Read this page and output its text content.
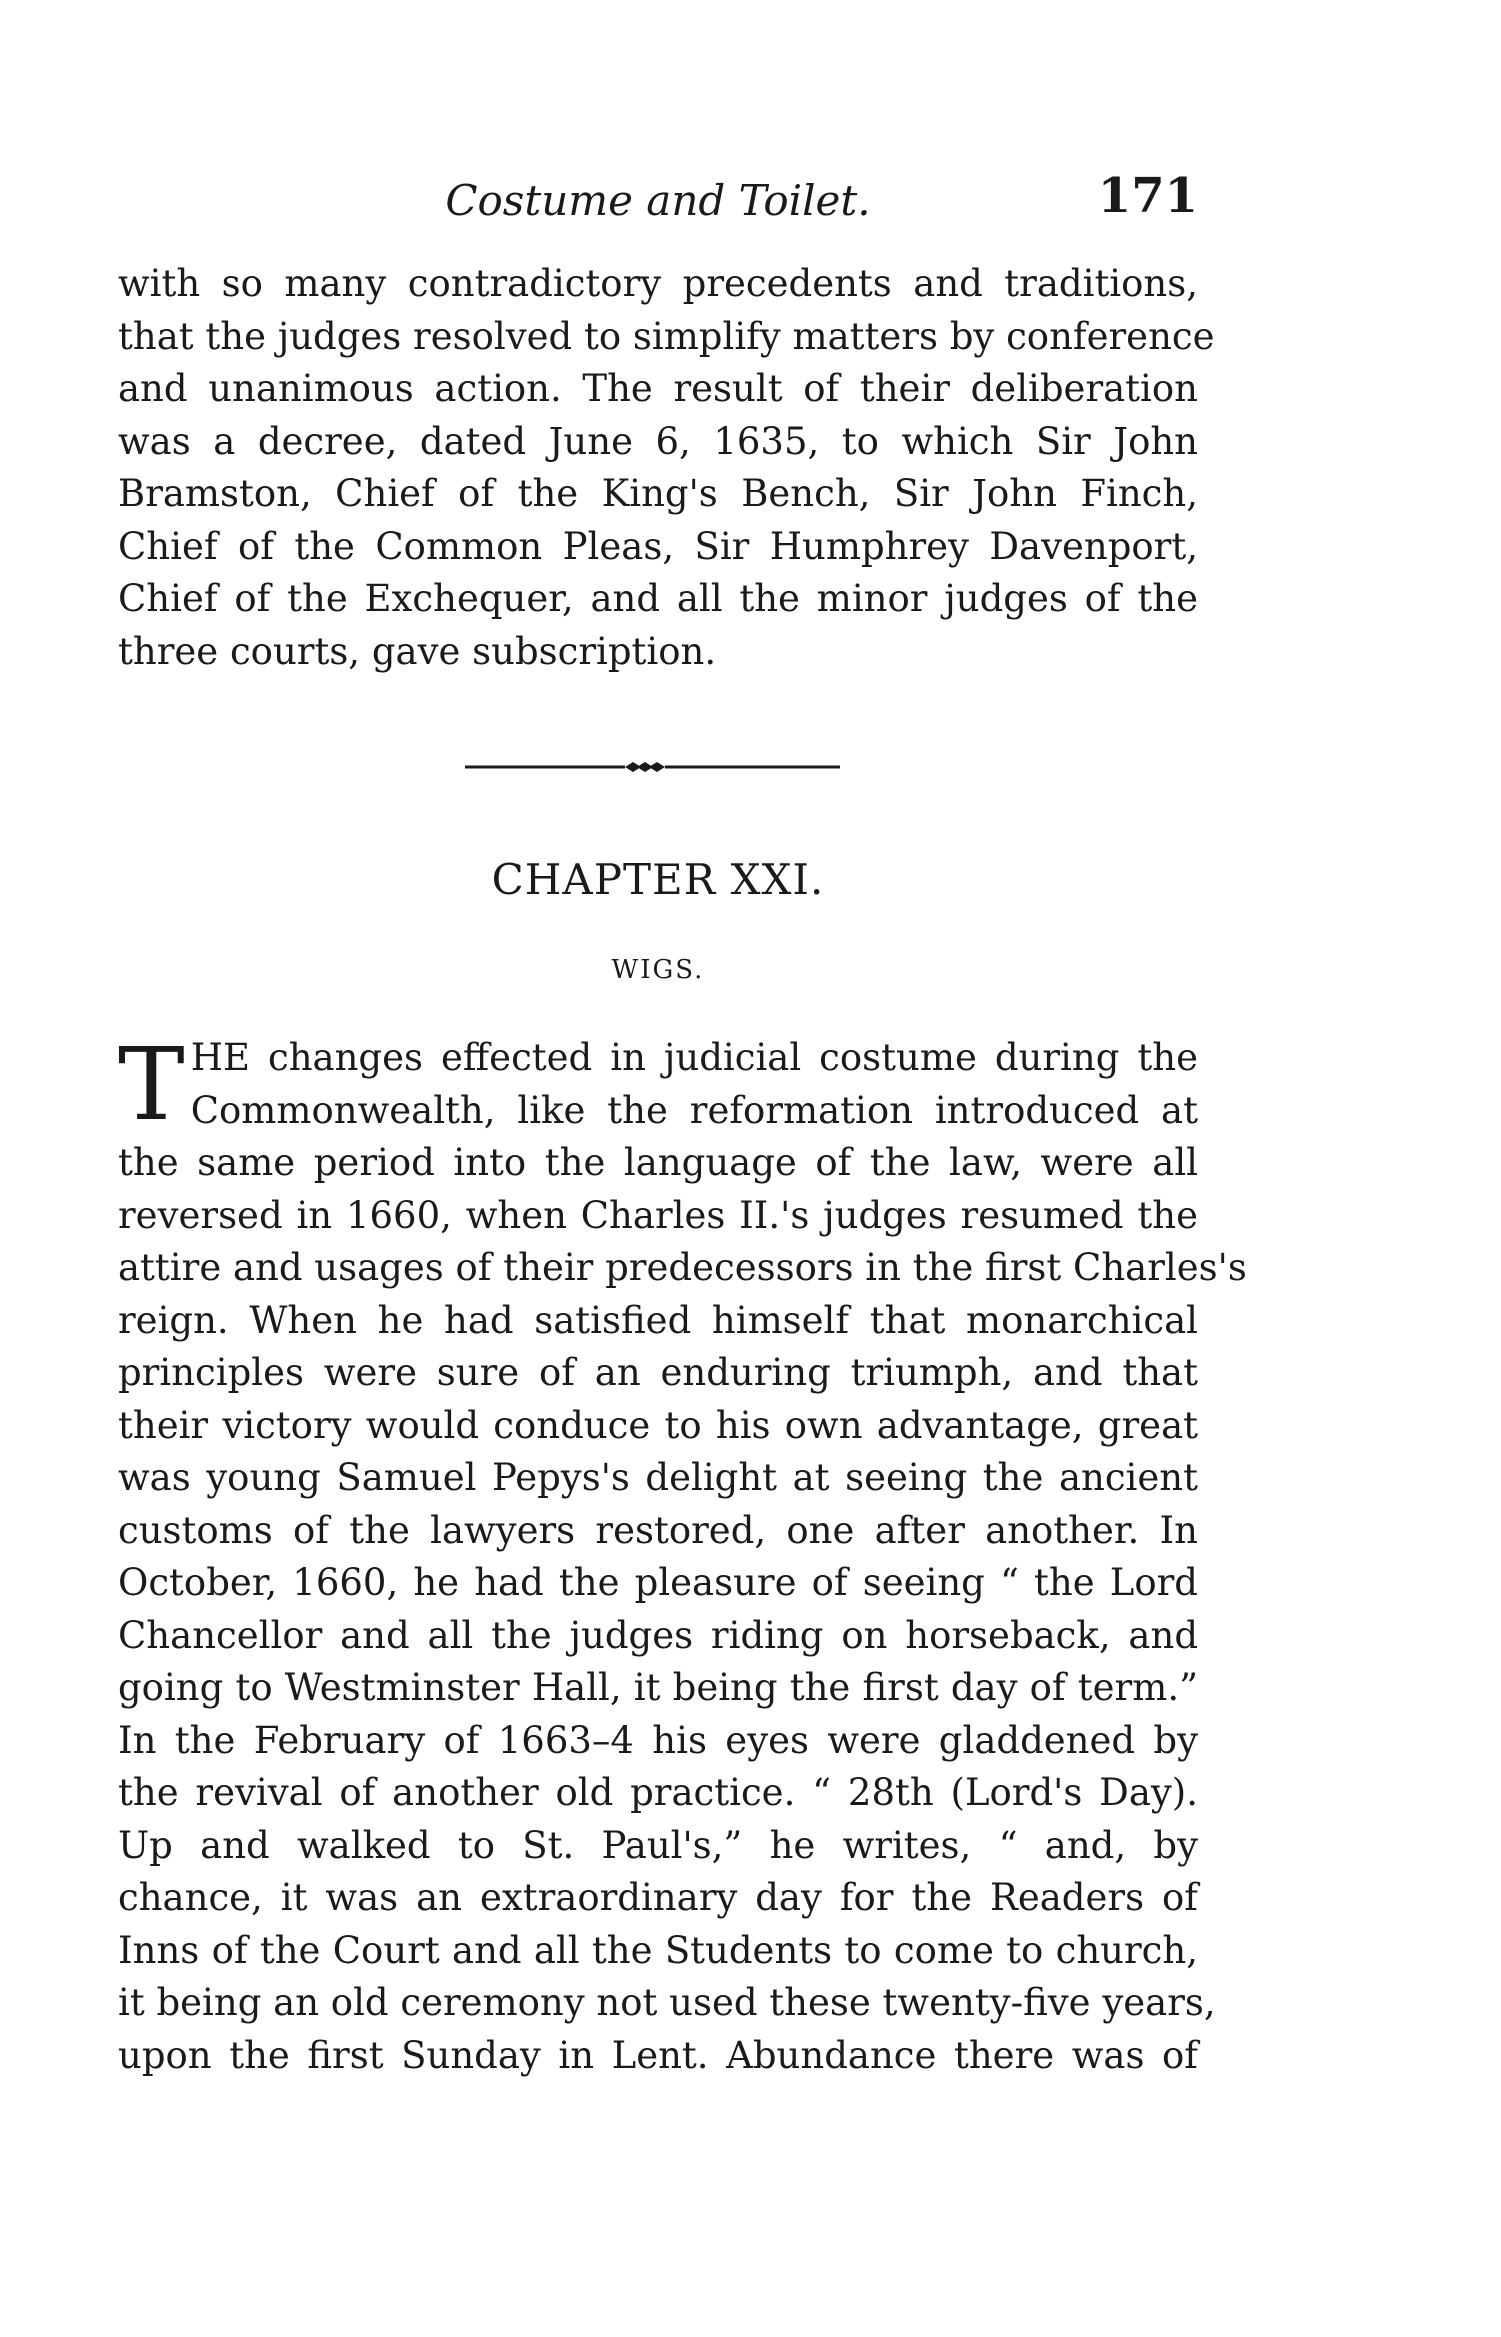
Costume and Toilet.	171
with so many contradictory precedents and traditions,
that the judges resolved to simplify matters by conference
and unanimous action. The result of their deliberation
was a decree, dated June 6, 1635, to which Sir John
Bramston, Chief of the King's Bench, Sir John Finch,
Chief of the Common Pleas, Sir Humphrey Davenport,
Chief of the Exchequer, and all the minor judges of the
three courts, gave subscription.
CHAPTER XXI.
WIGS.
T HE changes effected in judicial costume during the
Commonwealth, like the reformation introduced at
the same period into the language of the law, were all
reversed in 1660, when Charles II.'s judges resumed the
attire and usages of their predecessors in the first Charles's
reign. When he had satisfied himself that monarchical
principles were sure of an enduring triumph, and that
their victory would conduce to his own advantage, great
was young Samuel Pepys's delight at seeing the ancient
customs of the lawyers restored, one after another. In
October, 1660, he had the pleasure of seeing “ the Lord
Chancellor and all the judges riding on horseback, and
going to Westminster Hall, it being the first day of term.”
In the February of 1663–4 his eyes were gladdened by
the revival of another old practice. “ 28th (Lord's Day).
Up and walked to St. Paul's,” he writes, “ and, by
chance, it was an extraordinary day for the Readers of
Inns of the Court and all the Students to come to church,
it being an old ceremony not used these twenty-five years,
upon the first Sunday in Lent. Abundance there was of
